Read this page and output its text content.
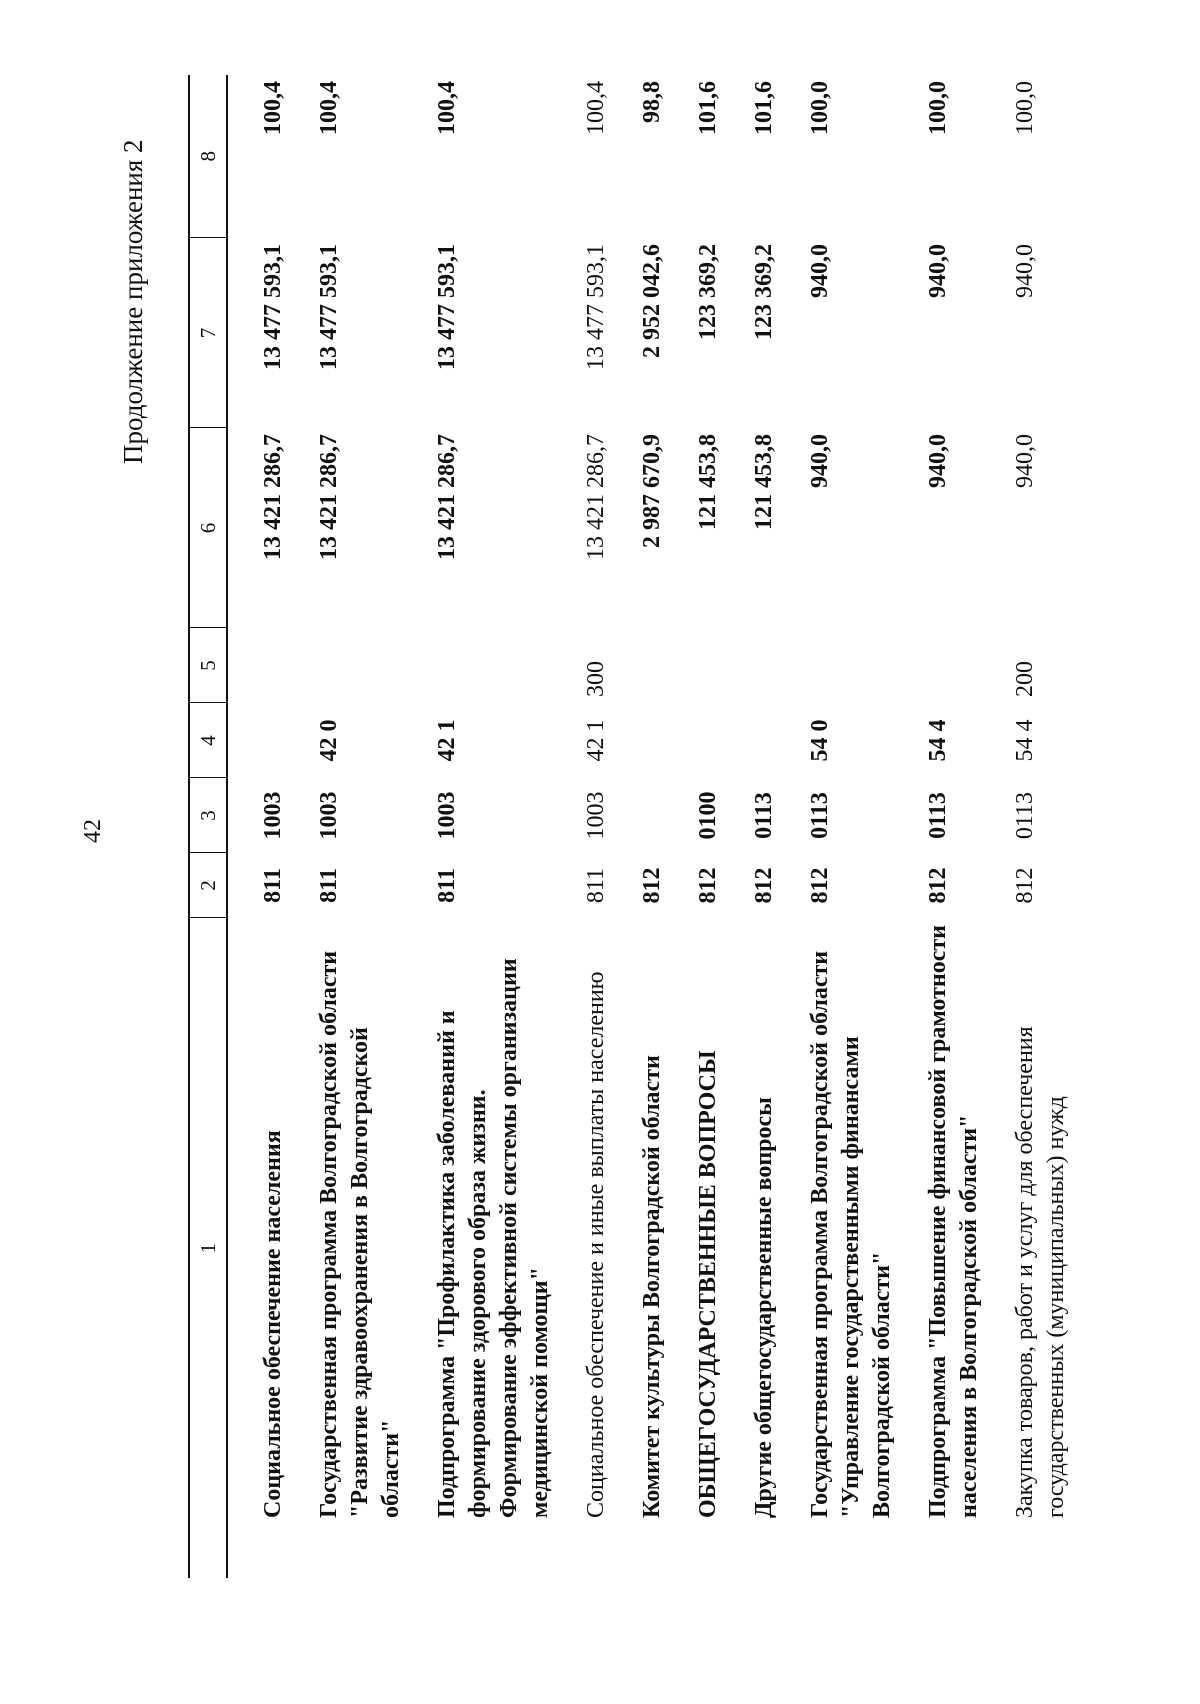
42
Продолжение приложения 2
1	2	3	4	5	6	7	8
Социальное обеспечение населения	811	1003			13 421 286,7	13 477 593,1	100,4
Государственная программа Волгоградской области "Развитие здравоохранения в Волгоградской области"	811	1003	42 0		13 421 286,7	13 477 593,1	100,4
Подпрограмма "Профилактика заболеваний и формирование здорового образа жизни. Формирование эффективной системы организации медицинской помощи"	811	1003	42 1		13 421 286,7	13 477 593,1	100,4
Социальное обеспечение и иные выплаты населению	811	1003	42 1	300	13 421 286,7	13 477 593,1	100,4
Комитет культуры Волгоградской области	812				2 987 670,9	2 952 042,6	98,8
ОБЩЕГОСУДАРСТВЕННЫЕ ВОПРОСЫ	812	0100			121 453,8	123 369,2	101,6
Другие общегосударственные вопросы	812	0113			121 453,8	123 369,2	101,6
Государственная программа Волгоградской области "Управление государственными финансами Волгоградской области"	812	0113	54 0		940,0	940,0	100,0
Подпрограмма "Повышение финансовой грамотности населения в Волгоградской области"	812	0113	54 4		940,0	940,0	100,0
Закупка товаров, работ и услуг для обеспечения государственных (муниципальных) нужд	812	0113	54 4	200	940,0	940,0	100,0
